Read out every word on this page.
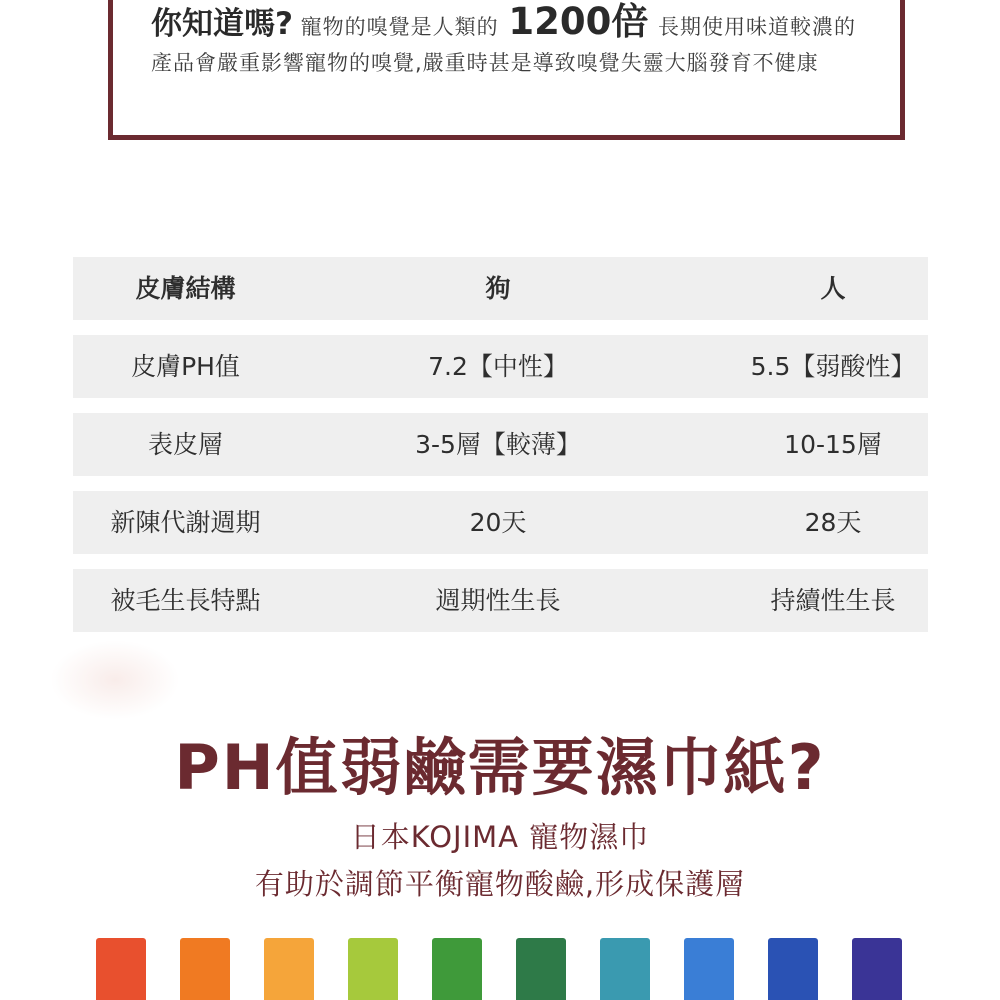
你知道嗎? 寵物的嗅覺是人類的 1200倍 長期使用味道較濃的產品會嚴重影響寵物的嗅覺,嚴重時甚是導致嗅覺失靈大腦發育不健康
皮膚結構	狗	人
皮膚PH值	7.2【中性】	5.5【弱酸性】
表皮層	3-5層【較薄】	10-15層
新陳代謝週期	20天	28天
被毛生長特點	週期性生長	持續性生長
PH值弱鹼需要濕巾紙?
日本KOJIMA 寵物濕巾
有助於調節平衡寵物酸鹼,形成保護層
